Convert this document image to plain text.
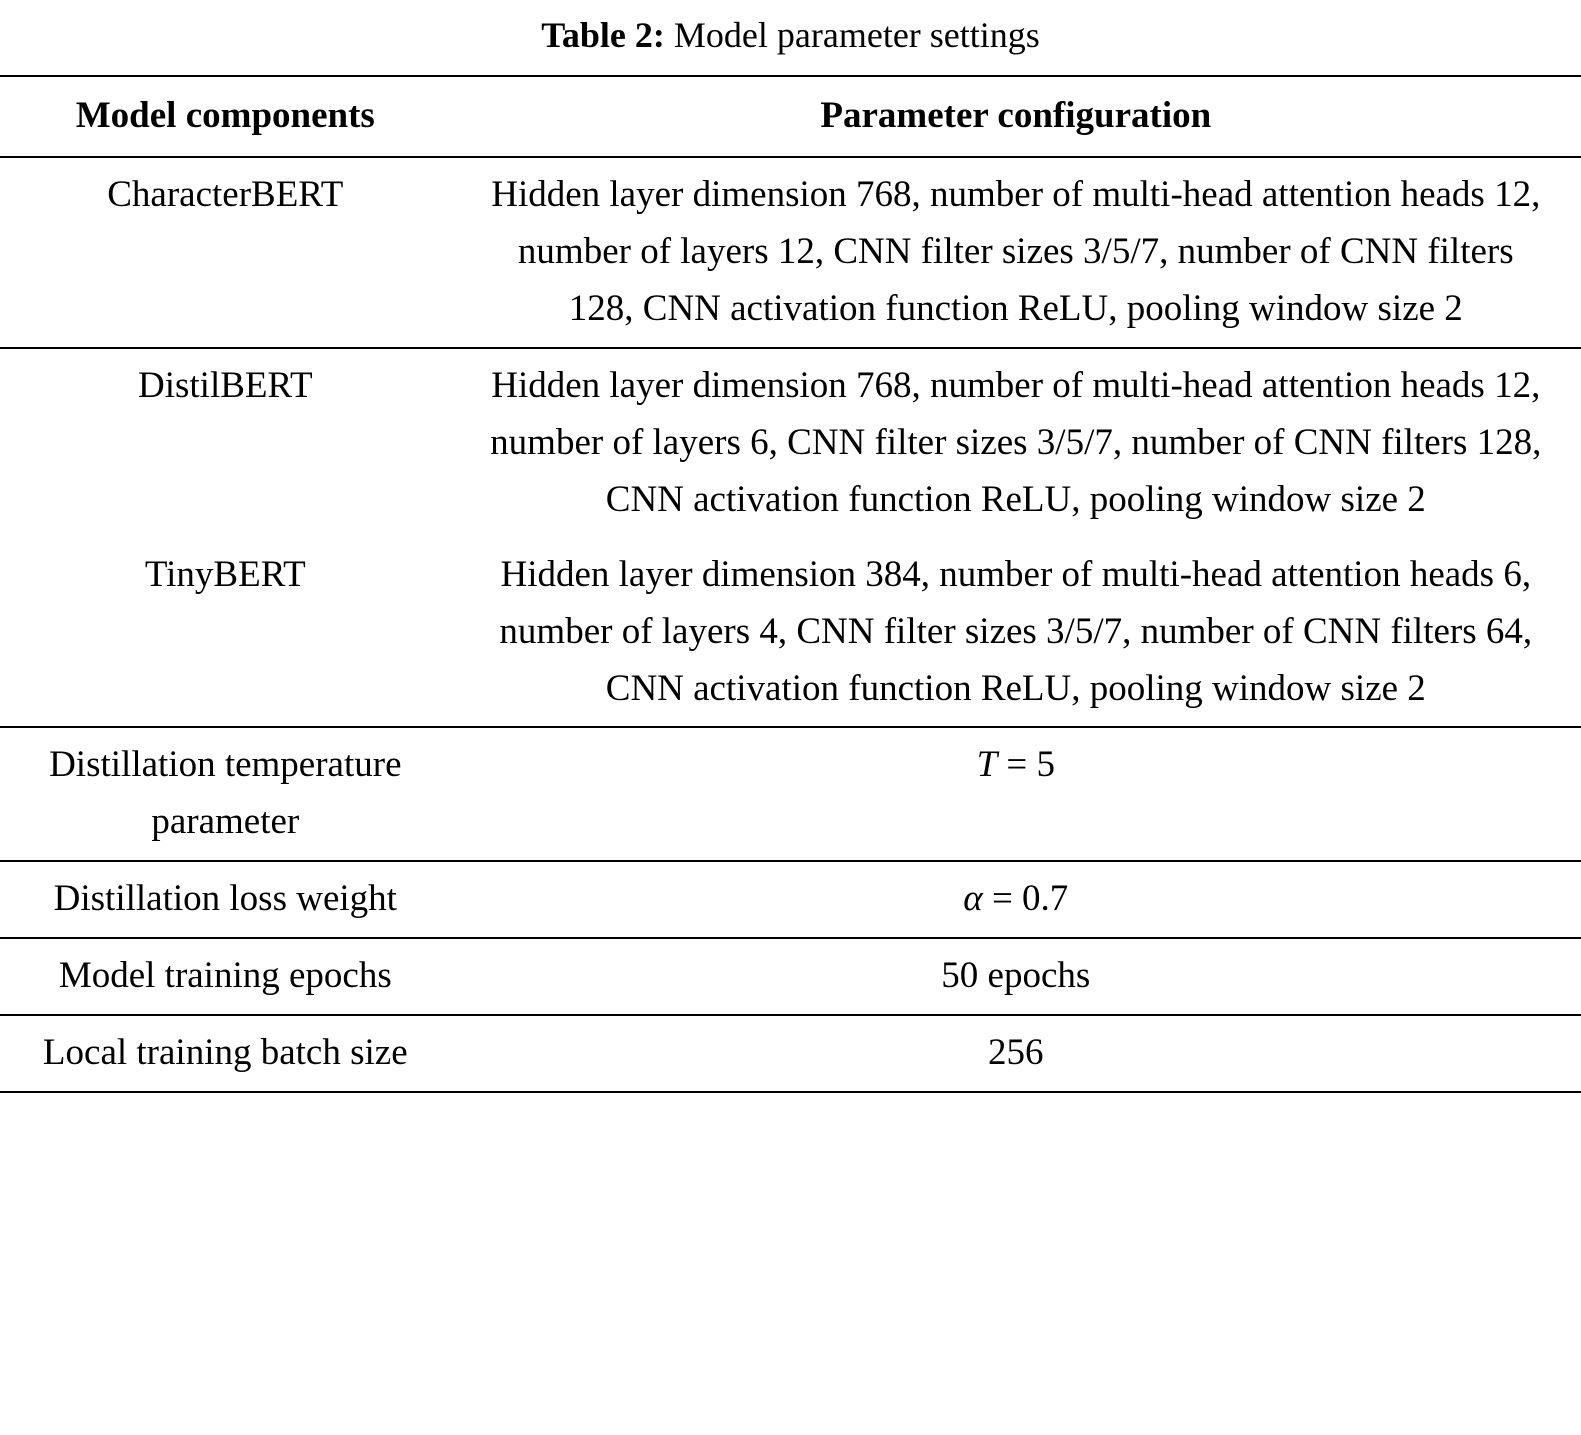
Table 2: Model parameter settings
Model components	Parameter configuration
CharacterBERT	Hidden layer dimension 768, number of multi-head attention heads 12, number of layers 12, CNN filter sizes 3/5/7, number of CNN filters 128, CNN activation function ReLU, pooling window size 2
DistilBERT	Hidden layer dimension 768, number of multi-head attention heads 12, number of layers 6, CNN filter sizes 3/5/7, number of CNN filters 128, CNN activation function ReLU, pooling window size 2
TinyBERT	Hidden layer dimension 384, number of multi-head attention heads 6, number of layers 4, CNN filter sizes 3/5/7, number of CNN filters 64, CNN activation function ReLU, pooling window size 2
Distillation temperature parameter	T = 5
Distillation loss weight	α = 0.7
Model training epochs	50 epochs
Local training batch size	256
